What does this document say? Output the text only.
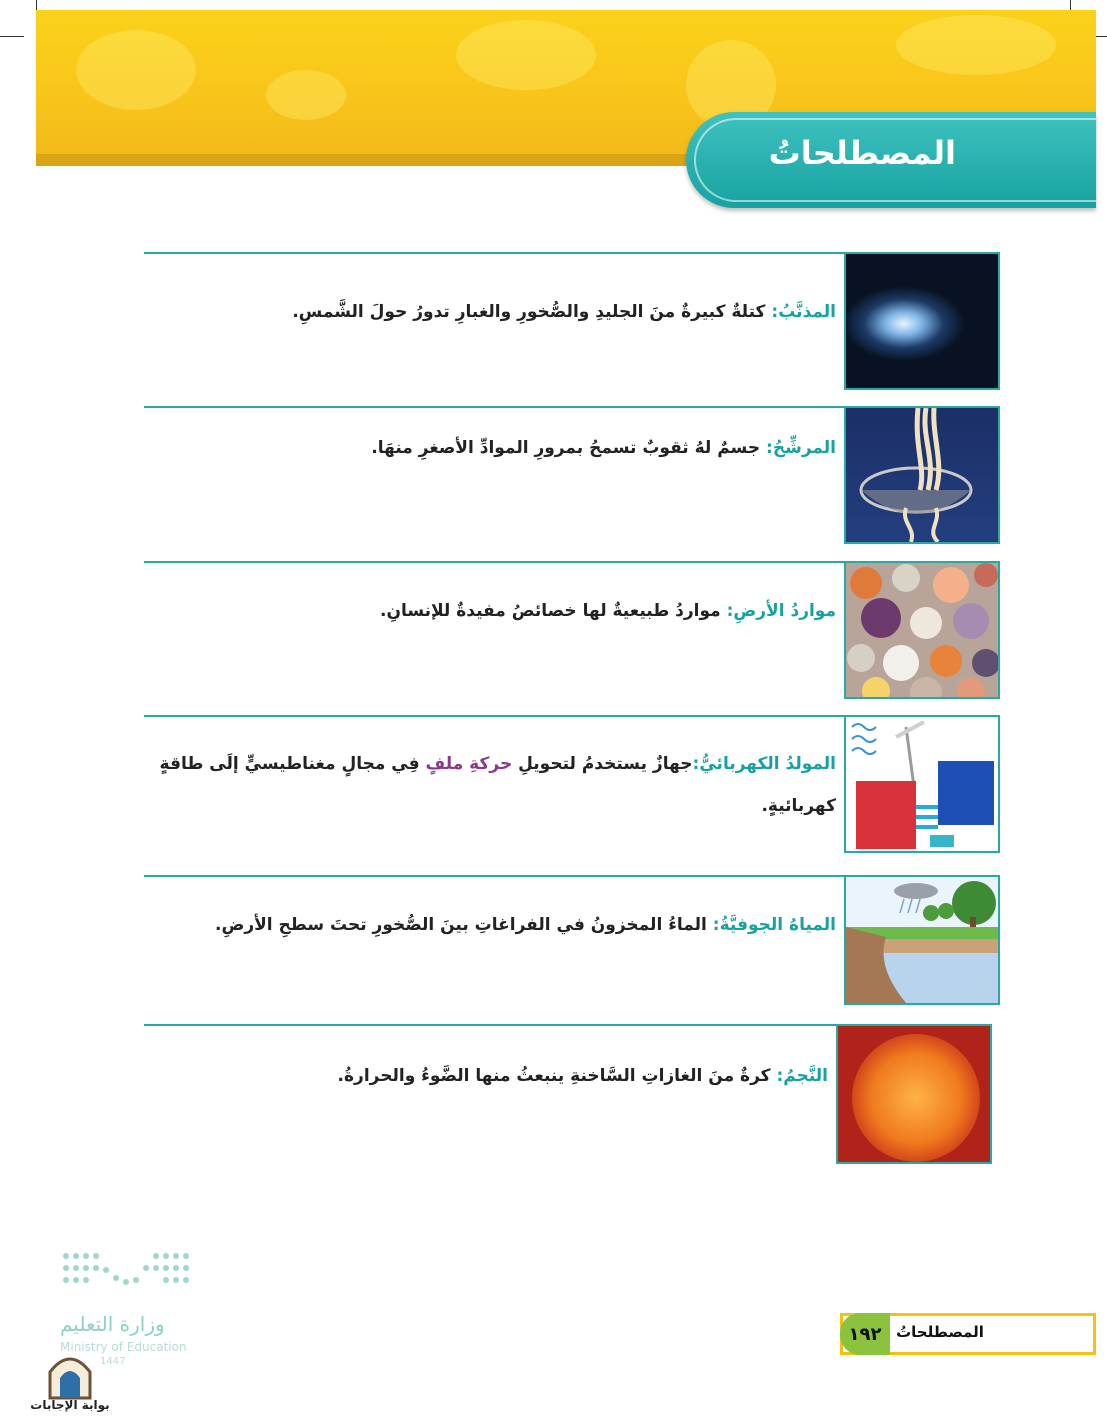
المصطلحاتُ
المذنَّبُ: كتلةٌ كبيرةٌ منَ الجليدِ والصُّخورِ والغبارِ تدورُ حولَ الشَّمسِ.
المرشِّحُ: جسمٌ لهُ ثقوبٌ تسمحُ بمرورِ الموادِّ الأصغرِ منهَا.
مواردُ الأرضِ: مواردُ طبيعيةٌ لها خصائصُ مفيدةٌ للإنسانِ.
المولدُ الكهربائيُّ:جهازٌ يستخدمُ لتحويلِ حركةِ ملفٍ فِي مجالٍ مغناطيسيٍّ إلَى طاقةٍ كهربائيةٍ.
المياهُ الجوفيَّةُ: الماءُ المخزونُ في الفراغاتِ بينَ الصُّخورِ تحتَ سطحِ الأرضِ.
النَّجمُ: كرةٌ منَ الغازاتِ السَّاخنةِ ينبعثُ منها الضَّوءُ والحرارةُ.
وزارة التعليم
Ministry of Education
1447
بوابة الإجابات
١٩٢ المصطلحاتُ
